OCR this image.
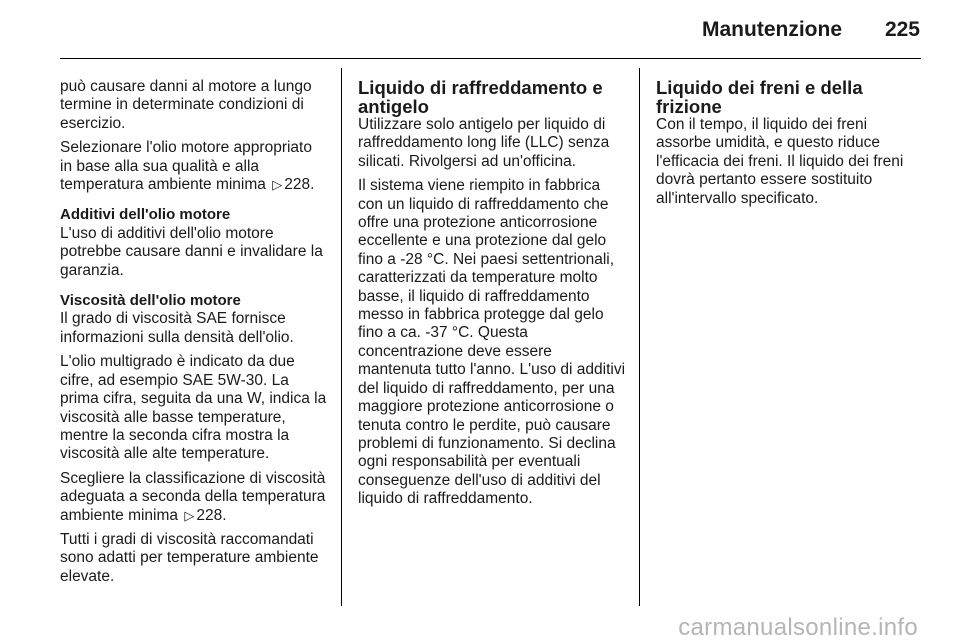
Manutenzione 225

può causare danni al motore a lungo termine in determinate condizioni di esercizio.

Selezionare l'olio motore appropriato in base alla sua qualità e alla temperatura ambiente minima ▷ 228.

Additivi dell'olio motore

L'uso di additivi dell'olio motore potrebbe causare danni e invalidare la garanzia.

Viscosità dell'olio motore

Il grado di viscosità SAE fornisce informazioni sulla densità dell'olio.

L'olio multigrado è indicato da due cifre, ad esempio SAE 5W-30. La prima cifra, seguita da una W, indica la viscosità alle basse temperature, mentre la seconda cifra mostra la viscosità alle alte temperature.

Scegliere la classificazione di viscosità adeguata a seconda della temperatura ambiente minima ▷ 228.

Tutti i gradi di viscosità raccomandati sono adatti per temperature ambiente elevate.

Liquido di raffreddamento e antigelo

Utilizzare solo antigelo per liquido di raffreddamento long life (LLC) senza silicati. Rivolgersi ad un'officina.

Il sistema viene riempito in fabbrica con un liquido di raffreddamento che offre una protezione anticorrosione eccellente e una protezione dal gelo fino a -28 °C. Nei paesi settentrionali, caratterizzati da temperature molto basse, il liquido di raffreddamento messo in fabbrica protegge dal gelo fino a ca. -37 °C. Questa concentrazione deve essere mantenuta tutto l'anno. L'uso di additivi del liquido di raffreddamento, per una maggiore protezione anticorrosione o tenuta contro le perdite, può causare problemi di funzionamento. Si declina ogni responsabilità per eventuali conseguenze dell'uso di additivi del liquido di raffreddamento.

Liquido dei freni e della frizione

Con il tempo, il liquido dei freni assorbe umidità, e questo riduce l'efficacia dei freni. Il liquido dei freni dovrà pertanto essere sostituito all'intervallo specificato.

carmanualsonline.info
